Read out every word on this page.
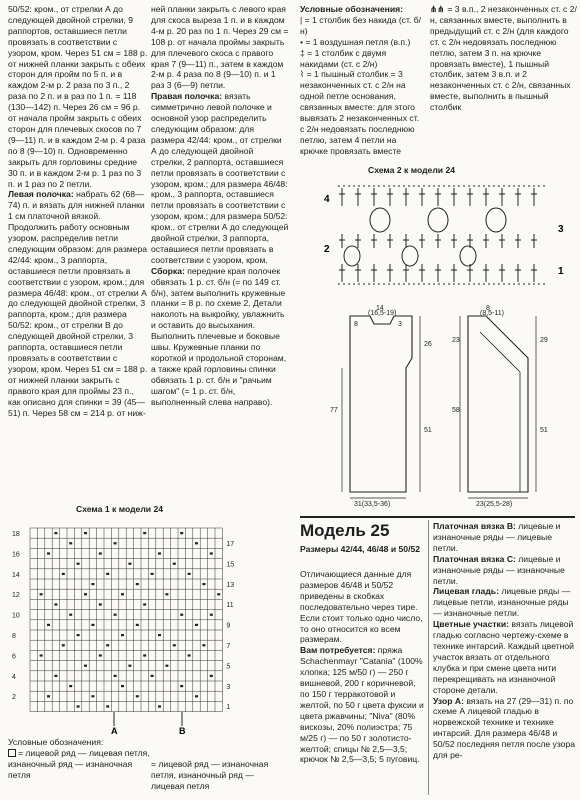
50/52: кром., от стрелки А до следующей двойной стрелки, 9 раппортов, оставшиеся петли провязать в соответствии с узором, кром. Через 51 см = 188 р. от нижней планки закрыть с обеих сторон для пройм по 5 п. и в каждом 2-м р. 2 раза по 3 п., 2 раза по 2 п. и в раз по 1 п. = 118 (130—142) п. Через 26 см = 96 р. от начала пройм закрыть с обеих сторон для плечевых скосов по 7 (9—11) п. и в каждом 2-м р. 4 раза по 8 (9—10) п. Одновременно закрыть для горловины средние 30 п. и в каждом 2-м р. 1 раз по 3 п. и 1 раз по 2 петли.

Левая полочка: набрать 62 (68—74) п. и вязать для нижней планки 1 см платочной вязкой. Продолжить работу основным узором, распределив петли следующим образом: для размера 42/44: кром., 3 раппорта, оставшиеся петли провязать в соответствии с узором, кром.; для размера 46/48: кром., от стрелки А до следующей двойной стрелки, 3 раппорта, кром.; для размера 50/52: кром., от стрелки В до следующей двойной стрелки, 3 раппорта, оставшиеся петли провязать в соответствии с узором, кром. Через 51 см = 188 р. от нижней планки закрыть с правого края для проймы 23 п., как описано для спинки = 39 (45—51) п. Через 58 см = 214 р. от ниж-

ней планки закрыть с левого края для скоса выреза 1 п. и в каждом 4-м р. 20 раз по 1 п. Через 29 см = 108 р. от начала проймы закрыть для плечевого скоса с правого края 7 (9—11) п., затем в каждом 2-м р. 4 раза по 8 (9—10) п. и 1 раз 3 (6—9) петли.

Правая полочка: вязать симметрично левой полочке и основной узор распределить следующим образом: для размера 42/44: кром., от стрелки А до следующей двойной стрелки, 2 раппорта, оставшиеся петли провязать в соответствии с узором, кром.; для размера 46/48: кром., 3 раппорта, оставшиеся петли провязать в соответствии с узором, кром.; для размера 50/52: кром., от стрелки А до следующей двойной стрелки, 3 раппорта, оставшиеся петли провязать в соответствии с узором, кром.

Сборка: передние края полочек обвязать 1 р. ст. б/н (= по 149 ст. б/н), затем выполнить кружевные планки = 8 р. по схеме 2. Детали наколоть на выкройку, увлажнить и оставить до высыхания. Выполнить плечевые и боковые швы. Кружевные планки по короткой и продольной сторонам, а также край горловины спинки обвязать 1 р. ст. б/н и "рачьим шагом" (= 1 р. ст. б/н, выполненный слева направо).

Условные обозначения:

| = 1 столбик без накида (ст. б/н)

• = 1 воздушная петля (в.п.)

‡ = 1 столбик с двумя накидами (ст. с 2/н)

⌇ = 1 пышный столбик = 3 незаконченных ст. с 2/н на одной петле основания, связанных вместе: для этого вывязать 2 незаконченных ст. с 2/н недовязать последнюю петлю, затем 4 петли на крючке провязать вместе

⋔⋔ = 3 в.п., 2 незаконченных ст. с 2/н, связанных вместе, выполнить в предыдущий ст. с 2/н (для каждого ст. с 2/н недовязать последнюю петлю, затем 3 п. на крючке провязать вместе), 1 пышный столбик, затем 3 в.п. и 2 незаконченных ст. с 2/н, связанных вместе, выполнить в пышный столбик

Схема 2 к модели 24
4
3
2
1
14
(16,5-19)
8	3
26
77
51
31(33,5-36)
8
(8,5-11)
29
58
51
23
23(25,5-28)
Схема 1 к модели 24
18
16
14
12
10
8
6
4
2
17
15
13
11
9
7
5
3
1
A	B

Условные обозначения:

= лицевой ряд — лицевая петля, изнаночный ряд — изнаночная петля

= лицевой ряд — изнаночная петля, изнаночный ряд — лицевая петля

Модель 25
Размеры 42/44, 46/48 и 50/52

Отличающиеся данные для размеров 46/48 и 50/52 приведены в скобках последовательно через тире. Если стоит только одно число, то оно относится ко всем размерам.

Вам потребуется: пряжа Schachenmayr "Catania" (100% хлопка; 125 м/50 г) — 250 г вишневой, 200 г коричневой, по 150 г терракотовой и желтой, по 50 г цвета фуксии и цвета ржавчины; "Niva" (80% вискозы, 20% полиэстра; 75 м/25 г) — по 50 г золотисто-желтой; спицы № 2,5—3,5; крючок № 2,5—3,5; 5 пуговиц.

Платочная вязка В: лицевые и изнаночные ряды — лицевые петли.

Платочная вязка С: лицевые и изнаночные ряды — изнаночные петли.

Лицевая гладь: лицевые ряды — лицевые петли, изнаночные ряды — изнаночные петли.

Цветные участки: вязать лицевой гладью согласно чертежу-схеме в технике интарсий. Каждый цветной участок вязать от отдельного клубка и при смене цвета нити перекрещивать на изнаночной стороне детали.

Узор А: вязать на 27 (29—31) п. по схеме А лицевой гладью в норвежской технике и технике интарсий. Для размера 46/48 и 50/52 последняя петля после узора для ре-
